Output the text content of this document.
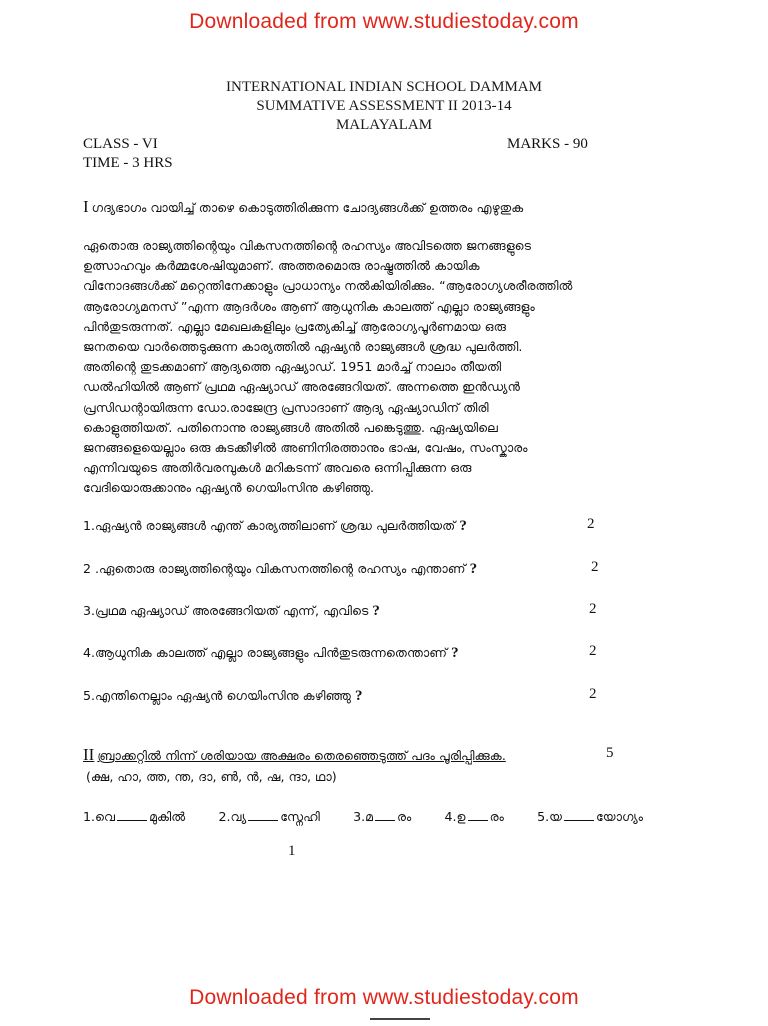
Downloaded from www.studiestoday.com
INTERNATIONAL INDIAN SCHOOL DAMMAM
SUMMATIVE ASSESSMENT II 2013-14
MALAYALAM
CLASS - VI
TIME - 3 HRS
MARKS - 90
I ഗദ്യഭാഗം വായിച്ച് താഴെ കൊടുത്തിരിക്കുന്ന ചോദ്യങ്ങൾക്ക് ഉത്തരം എഴുതുക
ഏതൊരു രാജ്യത്തിന്റെയും വികസനത്തിന്റെ രഹസ്യം അവിടത്തെ ജനങ്ങളുടെ
ഉത്സാഹവും കർമ്മശേഷിയുമാണ്. അത്തരമൊരു രാഷ്ട്രത്തിൽ കായിക
വിനോദങ്ങൾക്ക് മറ്റെന്തിനേക്കാളും പ്രാധാന്യം നൽകിയിരിക്കും. “ആരോഗ്യശരീരത്തിൽ
ആരോഗ്യമനസ് ”എന്ന ആദർശം ആണ് ആധുനിക കാലത്ത് എല്ലാ രാജ്യങ്ങളും
പിൻതുടരുന്നത്. എല്ലാ മേഖലകളിലും പ്രത്യേകിച്ച് ആരോഗ്യപൂർണമായ ഒരു
ജനതയെ വാർത്തെടുക്കുന്ന കാര്യത്തിൽ ഏഷ്യൻ രാജ്യങ്ങൾ ശ്രദ്ധ പുലർത്തി.
അതിന്റെ തുടക്കമാണ് ആദ്യത്തെ ഏഷ്യാഡ്. 1951 മാർച്ച് നാലാം തീയതി
ഡൽഹിയിൽ ആണ് പ്രഥമ ഏഷ്യാഡ് അരങ്ങേറിയത്. അന്നത്തെ ഇൻഡ്യൻ
പ്രസിഡന്റായിരുന്ന ഡോ.രാജേന്ദ്ര പ്രസാദാണ് ആദ്യ ഏഷ്യാഡിന് തിരി
കൊളുത്തിയത്. പതിനൊന്നു രാജ്യങ്ങൾ അതിൽ പങ്കെടുത്തു. ഏഷ്യയിലെ
ജനങ്ങളെയെല്ലാം ഒരു കുടക്കീഴിൽ അണിനിരത്താനും ഭാഷ, വേഷം, സംസ്കാരം
എന്നിവയുടെ അതിർവരമ്പുകൾ മറികടന്ന് അവരെ ഒന്നിപ്പിക്കുന്ന ഒരു
വേദിയൊരുക്കാനും ഏഷ്യൻ ഗെയിംസിനു കഴിഞ്ഞു.
1.ഏഷ്യൻ രാജ്യങ്ങൾ എന്ത് കാര്യത്തിലാണ് ശ്രദ്ധ പുലർത്തിയത് ?	2
2 .ഏതൊരു രാജ്യത്തിന്റെയും വികസനത്തിന്റെ രഹസ്യം എന്താണ് ?	2
3.പ്രഥമ ഏഷ്യാഡ് അരങ്ങേറിയത് എന്ന്, എവിടെ ?	2
4.ആധുനിക കാലത്ത് എല്ലാ രാജ്യങ്ങളും പിൻതുടരുന്നതെന്താണ് ?	2
5.എന്തിനെല്ലാം ഏഷ്യൻ ഗെയിംസിനു കഴിഞ്ഞു ?	2
II ബ്രാക്കറ്റിൽ നിന്ന് ശരിയായ അക്ഷരം തെരഞ്ഞെടുത്ത് പദം പൂരിപ്പിക്കുക.	5
(ക്ഷ, ഹാ, ത്ത, ന്ത, ദാ, ൺ, ൻ, ഷ, ന്ദാ, ഥാ)
1.വെ	മുകിൽ	2.വ്യ	സ്നേഹി	3.മ രം	4.ഉ രം	5.യ	യോഗ്യം
1
Downloaded from www.studiestoday.com
